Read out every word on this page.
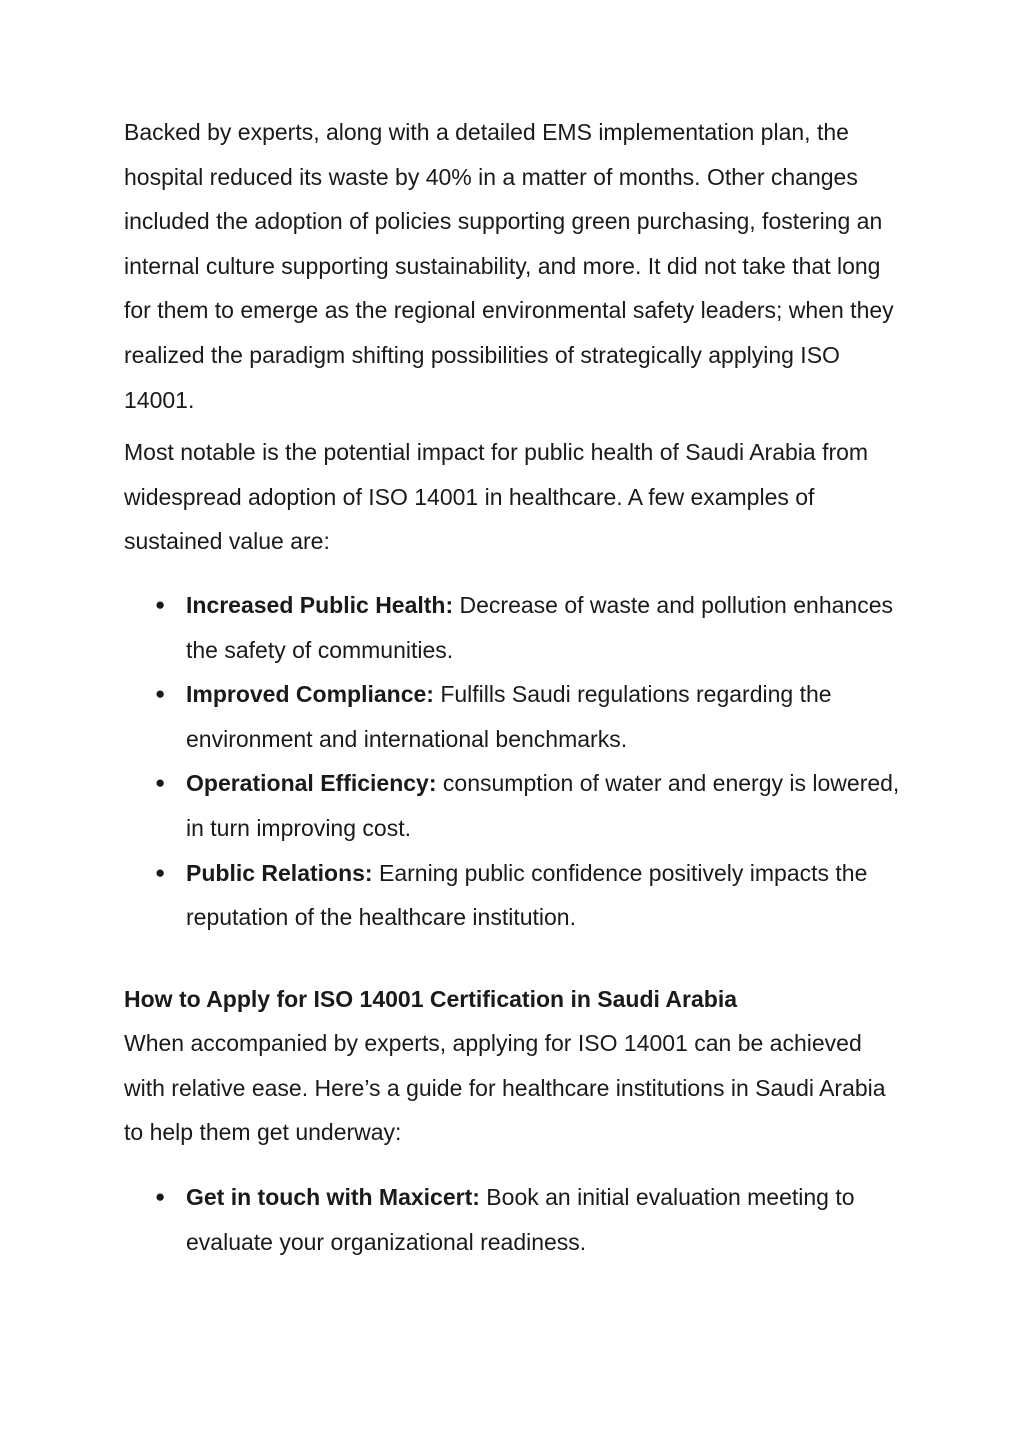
Backed by experts, along with a detailed EMS implementation plan, the hospital reduced its waste by 40% in a matter of months. Other changes included the adoption of policies supporting green purchasing, fostering an internal culture supporting sustainability, and more. It did not take that long for them to emerge as the regional environmental safety leaders; when they realized the paradigm shifting possibilities of strategically applying ISO 14001.

Most notable is the potential impact for public health of Saudi Arabia from widespread adoption of ISO 14001 in healthcare. A few examples of sustained value are:

● Increased Public Health: Decrease of waste and pollution enhances the safety of communities.
● Improved Compliance: Fulfills Saudi regulations regarding the environment and international benchmarks.
● Operational Efficiency: consumption of water and energy is lowered, in turn improving cost.
● Public Relations: Earning public confidence positively impacts the reputation of the healthcare institution.
How to Apply for ISO 14001 Certification in Saudi Arabia

When accompanied by experts, applying for ISO 14001 can be achieved with relative ease. Here’s a guide for healthcare institutions in Saudi Arabia to help them get underway:

● Get in touch with Maxicert: Book an initial evaluation meeting to evaluate your organizational readiness.
